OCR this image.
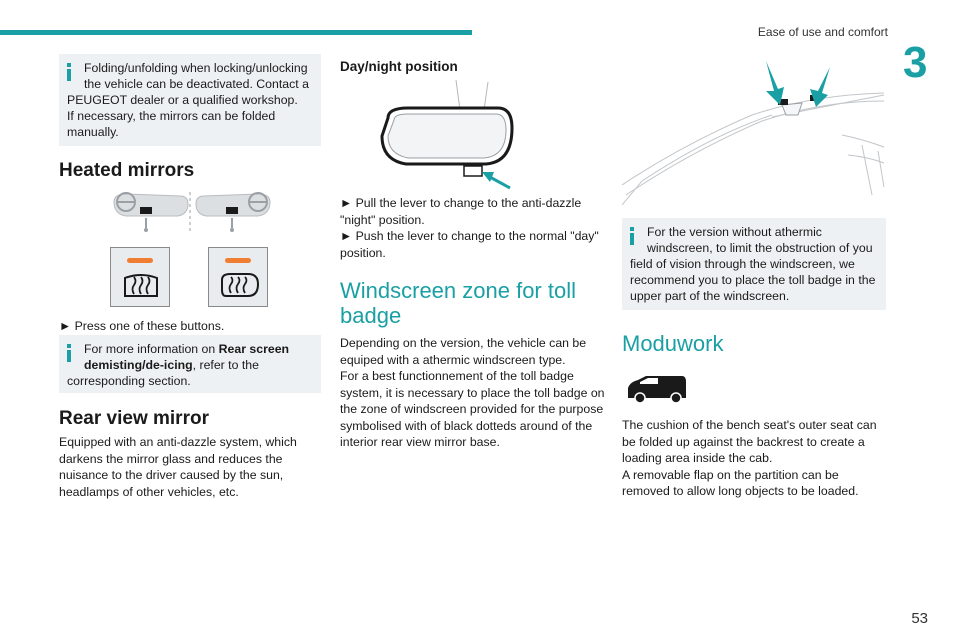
Ease of use and comfort
3
Folding/unfolding when locking/unlocking
the vehicle can be deactivated. Contact a
PEUGEOT dealer or a qualified workshop.
If necessary, the mirrors can be folded
manually.
Heated mirrors
► Press one of these buttons.
For more information on Rear screen
demisting/de-icing, refer to the
corresponding section.
Rear view mirror
Equipped with an anti-dazzle system, which
darkens the mirror glass and reduces the
nuisance to the driver caused by the sun,
headlamps of other vehicles, etc.
Day/night position
► Pull the lever to change to the anti-dazzle
"night" position.
► Push the lever to change to the normal "day"
position.
Windscreen zone for toll
badge
Depending on the version, the vehicle can be
equiped with a athermic windscreen type.
For a best functionnement of the toll badge
system, it is necessary to place the toll badge on
the zone of windscreen provided for the purpose
symbolised with of black dotteds around of the
interior rear view mirror base.
For the version without athermic
windscreen, to limit the obstruction of you
field of vision through the windscreen, we
recommend you to place the toll badge in the
upper part of the windscreen.
Moduwork
The cushion of the bench seat's outer seat can
be folded up against the backrest to create a
loading area inside the cab.
A removable flap on the partition can be
removed to allow long objects to be loaded.
53
